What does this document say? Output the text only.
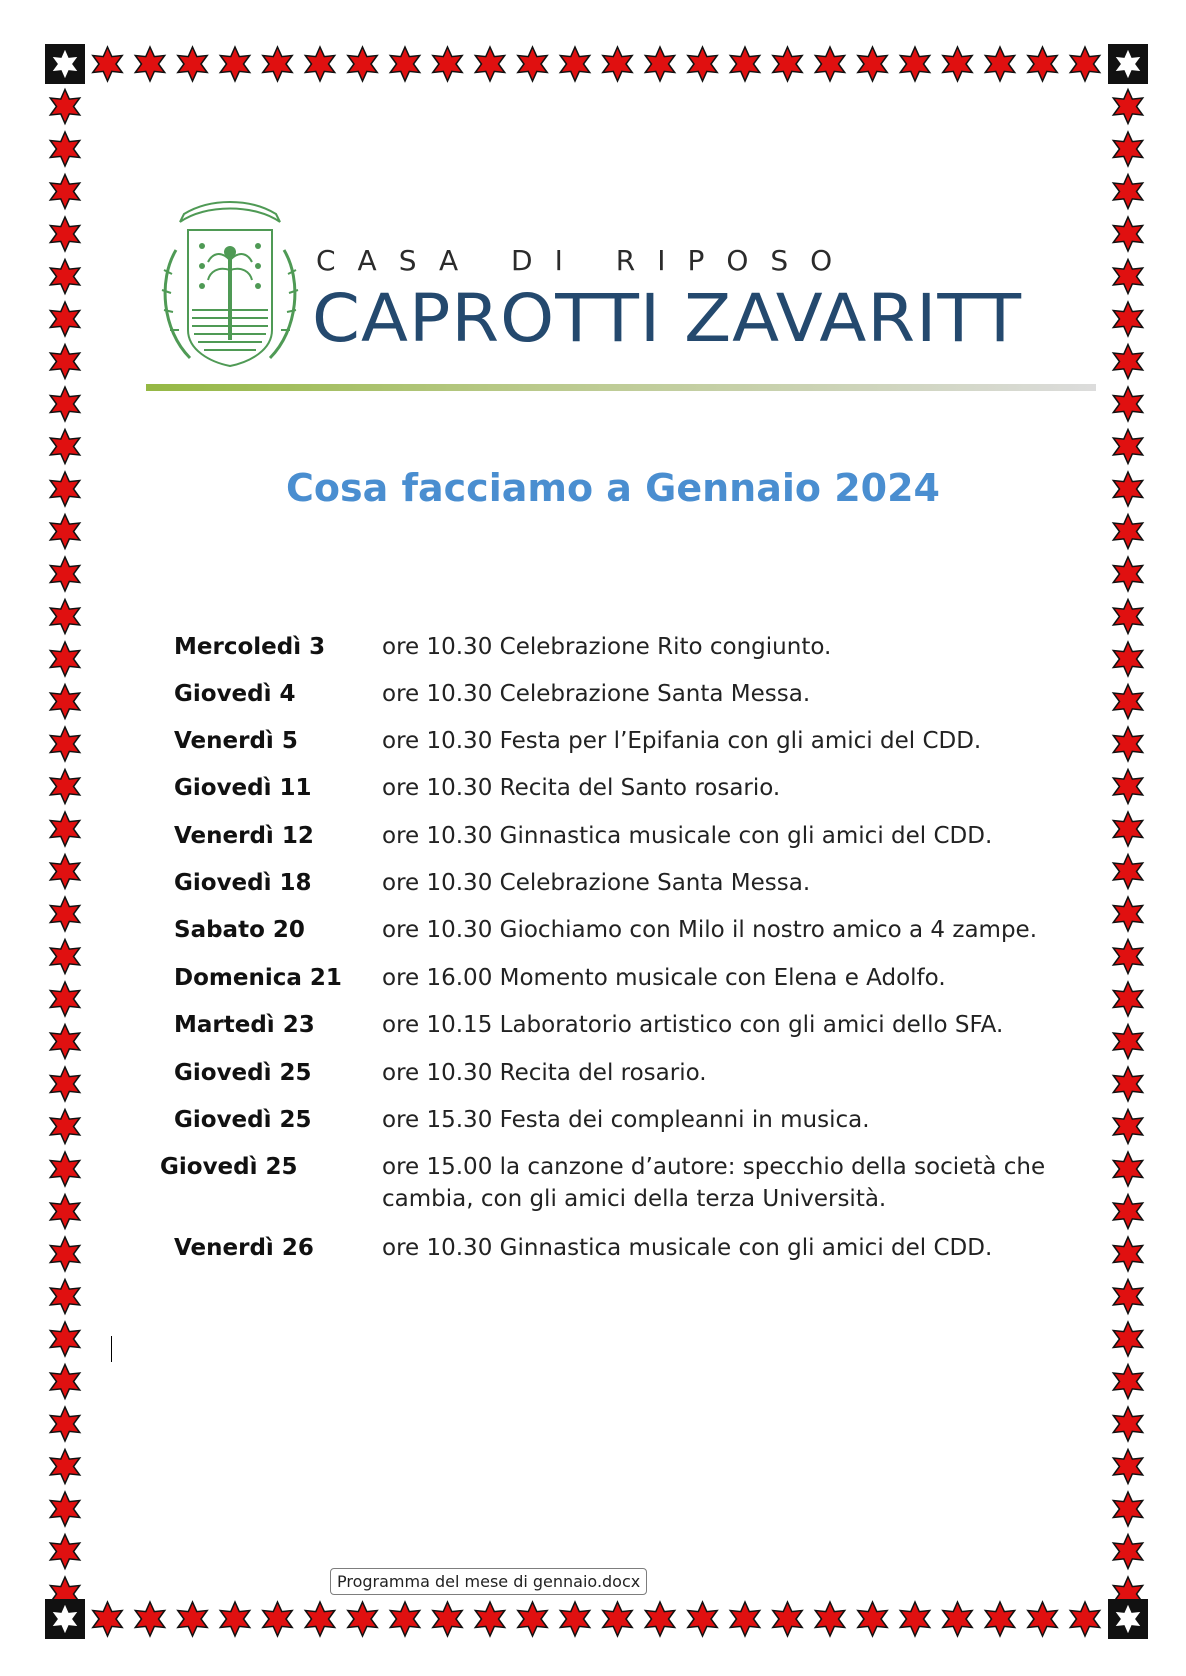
CASA DI RIPOSO
CAPROTTI ZAVARITT
Cosa facciamo a Gennaio 2024
Mercoledì 3 ore 10.30 Celebrazione Rito congiunto.
Giovedì 4	ore 10.30 Celebrazione Santa Messa.
Venerdì 5	ore 10.30 Festa per l’Epifania con gli amici del CDD.
Giovedì 11	ore 10.30 Recita del Santo rosario.
Venerdì 12	ore 10.30 Ginnastica musicale con gli amici del CDD.
Giovedì 18	ore 10.30 Celebrazione Santa Messa.
Sabato 20	ore 10.30 Giochiamo con Milo il nostro amico a 4 zampe.
Domenica 21 ore 16.00 Momento musicale con Elena e Adolfo.
Martedì 23	ore 10.15 Laboratorio artistico con gli amici dello SFA.
Giovedì 25	ore 10.30 Recita del rosario.
Giovedì 25	ore 15.30 Festa dei compleanni in musica.
Giovedì 25	ore 15.00 la canzone d’autore: specchio della società che cambia, con gli amici della terza Università.
Venerdì 26	ore 10.30 Ginnastica musicale con gli amici del CDD.
Programma del mese di gennaio.docx
